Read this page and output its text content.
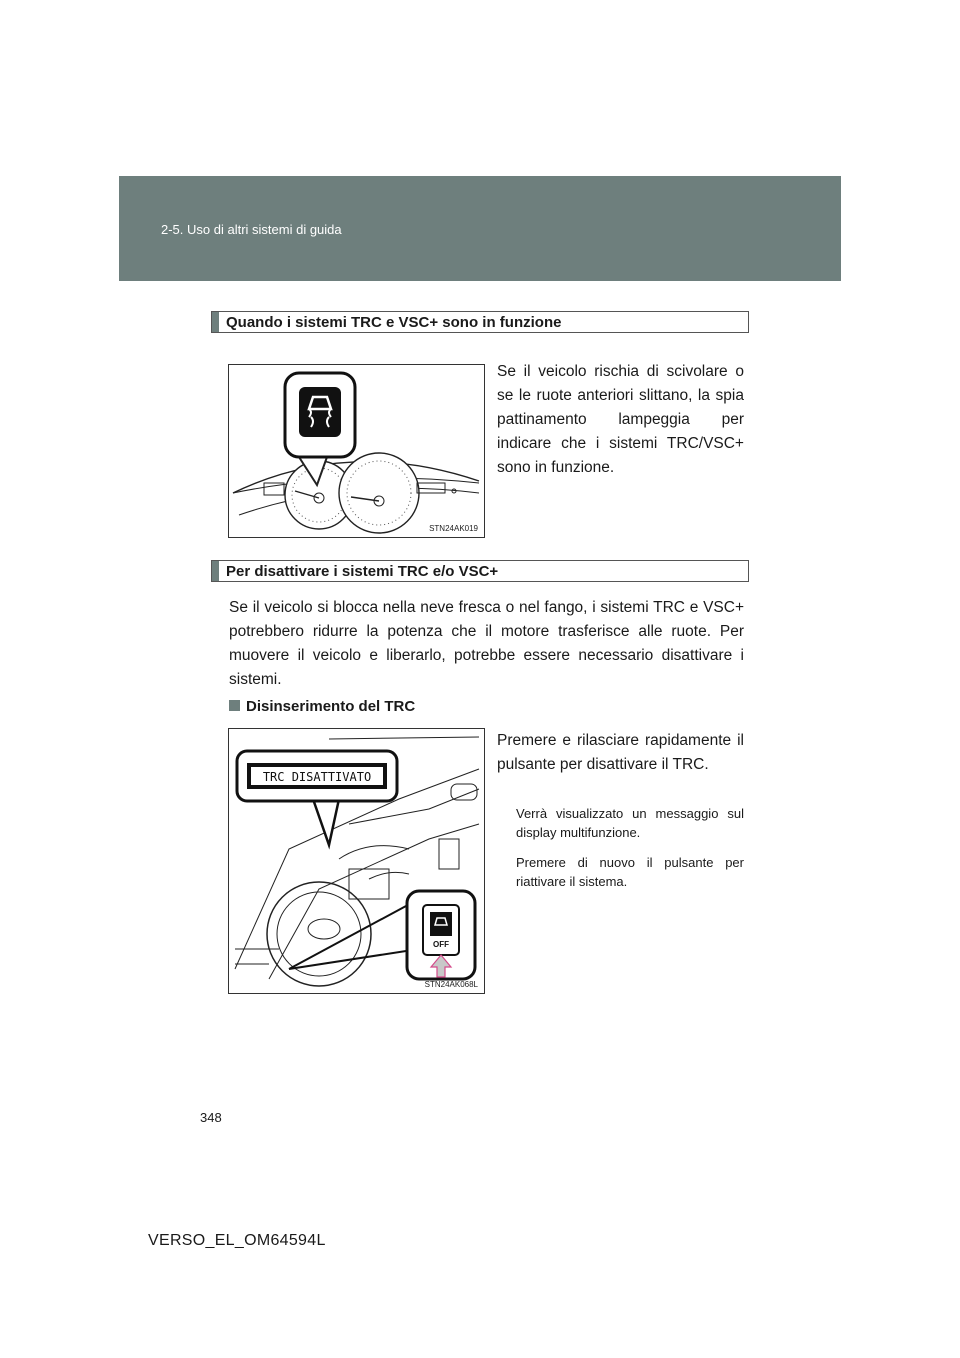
2-5. Uso di altri sistemi di guida
Quando i sistemi TRC e VSC+ sono in funzione
STN24AK019
Se il veicolo rischia di scivolare o se le ruote anteriori slittano, la spia pattinamento lampeggia per indicare che i sistemi TRC/VSC+ sono in funzione.
Per disattivare i sistemi TRC e/o VSC+
Se il veicolo si blocca nella neve fresca o nel fango, i sistemi TRC e VSC+ potrebbero ridurre la potenza che il motore trasferisce alle ruote. Per muovere il veicolo e liberarlo, potrebbe essere necessario disattivare i sistemi.
Disinserimento del TRC
TRC DISATTIVATO
OFF
STN24AK068L
Premere e rilasciare rapidamente il pulsante per disattivare il TRC.
Verrà visualizzato un messaggio sul display multifunzione.
Premere di nuovo il pulsante per riattivare il sistema.
348
VERSO_EL_OM64594L
